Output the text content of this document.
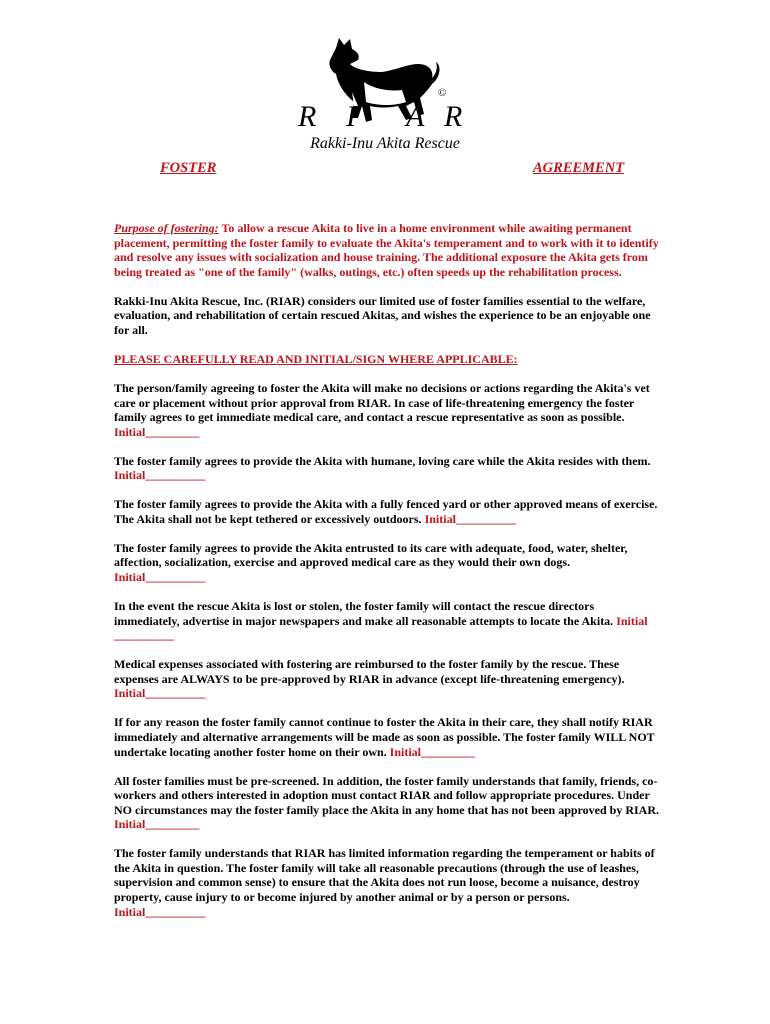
©
R I A R
Rakki-Inu Akita Rescue
FOSTER	AGREEMENT

Purpose of fostering: To allow a rescue Akita to live in a home environment while awaiting permanent placement, permitting the foster family to evaluate the Akita's temperament and to work with it to identify and resolve any issues with socialization and house training. The additional exposure the Akita gets from being treated as "one of the family" (walks, outings, etc.) often speeds up the rehabilitation process.

Rakki-Inu Akita Rescue, Inc. (RIAR) considers our limited use of foster families essential to the welfare, evaluation, and rehabilitation of certain rescued Akitas, and wishes the experience to be an enjoyable one for all.

PLEASE CAREFULLY READ AND INITIAL/SIGN WHERE APPLICABLE:

The person/family agreeing to foster the Akita will make no decisions or actions regarding the Akita's vet care or placement without prior approval from RIAR. In case of life-threatening emergency the foster family agrees to get immediate medical care, and contact a rescue representative as soon as possible. Initial_________

The foster family agrees to provide the Akita with humane, loving care while the Akita resides with them. Initial__________

The foster family agrees to provide the Akita with a fully fenced yard or other approved means of exercise. The Akita shall not be kept tethered or excessively outdoors. Initial__________

The foster family agrees to provide the Akita entrusted to its care with adequate, food, water, shelter, affection, socialization, exercise and approved medical care as they would their own dogs. Initial__________

In the event the rescue Akita is lost or stolen, the foster family will contact the rescue directors immediately, advertise in major newspapers and make all reasonable attempts to locate the Akita. Initial __________

Medical expenses associated with fostering are reimbursed to the foster family by the rescue. These expenses are ALWAYS to be pre-approved by RIAR in advance (except life-threatening emergency). Initial__________

If for any reason the foster family cannot continue to foster the Akita in their care, they shall notify RIAR immediately and alternative arrangements will be made as soon as possible. The foster family WILL NOT undertake locating another foster home on their own. Initial_________

All foster families must be pre-screened. In addition, the foster family understands that family, friends, co-workers and others interested in adoption must contact RIAR and follow appropriate procedures. Under NO circumstances may the foster family place the Akita in any home that has not been approved by RIAR. Initial_________

The foster family understands that RIAR has limited information regarding the temperament or habits of the Akita in question. The foster family will take all reasonable precautions (through the use of leashes, supervision and common sense) to ensure that the Akita does not run loose, become a nuisance, destroy property, cause injury to or become injured by another animal or by a person or persons. Initial__________
